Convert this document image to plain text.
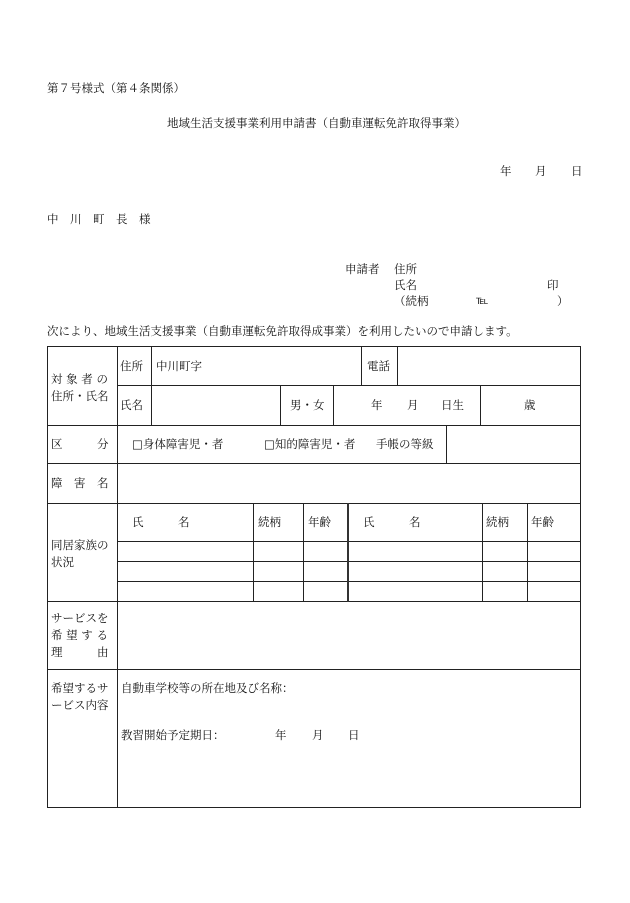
第７号様式（第４条関係）
地域生活支援事業利用申請書（自動車運転免許取得事業）
年 月 日
中　川　町　長　様
申請者 住所
氏名	印
（続柄	℡	）
次により、地域生活支援事業（自動車運転免許取得成事業）を利用したいので申請します。
対 象 者 の
住所・氏名
住所 中川町字	電話
氏名	男・女	年 月 日生	歳
区　　　分 □身体障害児・者	□知的障害児・者 手帳の等級
障　害　名
同居家族の
状況
氏　　　名	続柄 年齢	氏　　　名	続柄 年齢
サービスを
希 望 す る
理　　　由
希望するサ
ービス内容
自動車学校等の所在地及び名称：
教習開始予定期日：	年 月 日
